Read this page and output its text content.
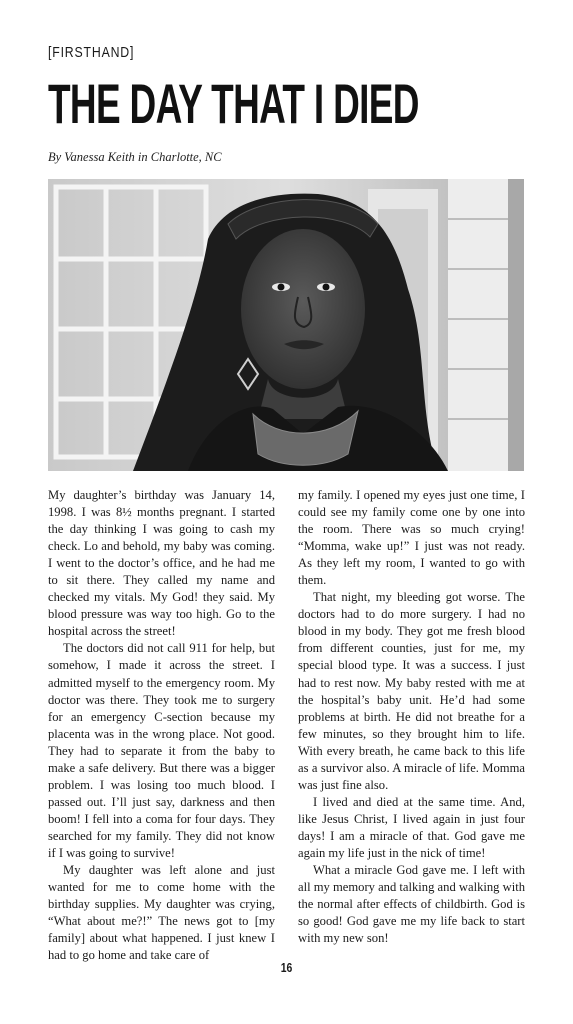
[FIRSTHAND]
THE DAY THAT I DIED
By Vanessa Keith in Charlotte, NC

My daughter’s birthday was January 14, 1998. I was 8½ months pregnant. I started the day thinking I was going to cash my check. Lo and behold, my baby was coming. I went to the doctor’s office, and he had me to sit there. They called my name and checked my vitals. My God! they said. My blood pressure was way too high. Go to the hospital across the street!

The doctors did not call 911 for help, but somehow, I made it across the street. I admitted myself to the emergency room. My doctor was there. They took me to surgery for an emergency C-section because my placenta was in the wrong place. Not good. They had to separate it from the baby to make a safe delivery. But there was a bigger problem. I was losing too much blood. I passed out. I’ll just say, darkness and then boom! I fell into a coma for four days. They searched for my family. They did not know if I was going to survive!

My daughter was left alone and just wanted for me to come home with the birthday supplies. My daughter was crying, “What about me?!” The news got to [my family] about what happened. I just knew I had to go home and take care of

my family. I opened my eyes just one time, I could see my family come one by one into the room. There was so much crying! “Momma, wake up!” I just was not ready. As they left my room, I wanted to go with them.

That night, my bleeding got worse. The doctors had to do more surgery. I had no blood in my body. They got me fresh blood from different counties, just for me, my special blood type. It was a success. I just had to rest now. My baby rested with me at the hospital’s baby unit. He’d had some problems at birth. He did not breathe for a few minutes, so they brought him to life. With every breath, he came back to this life as a survivor also. A miracle of life. Momma was just fine also.

I lived and died at the same time. And, like Jesus Christ, I lived again in just four days! I am a miracle of that. God gave me again my life just in the nick of time!

What a miracle God gave me. I left with all my memory and talking and walking with the normal after effects of childbirth. God is so good! God gave me my life back to start with my new son!

16
